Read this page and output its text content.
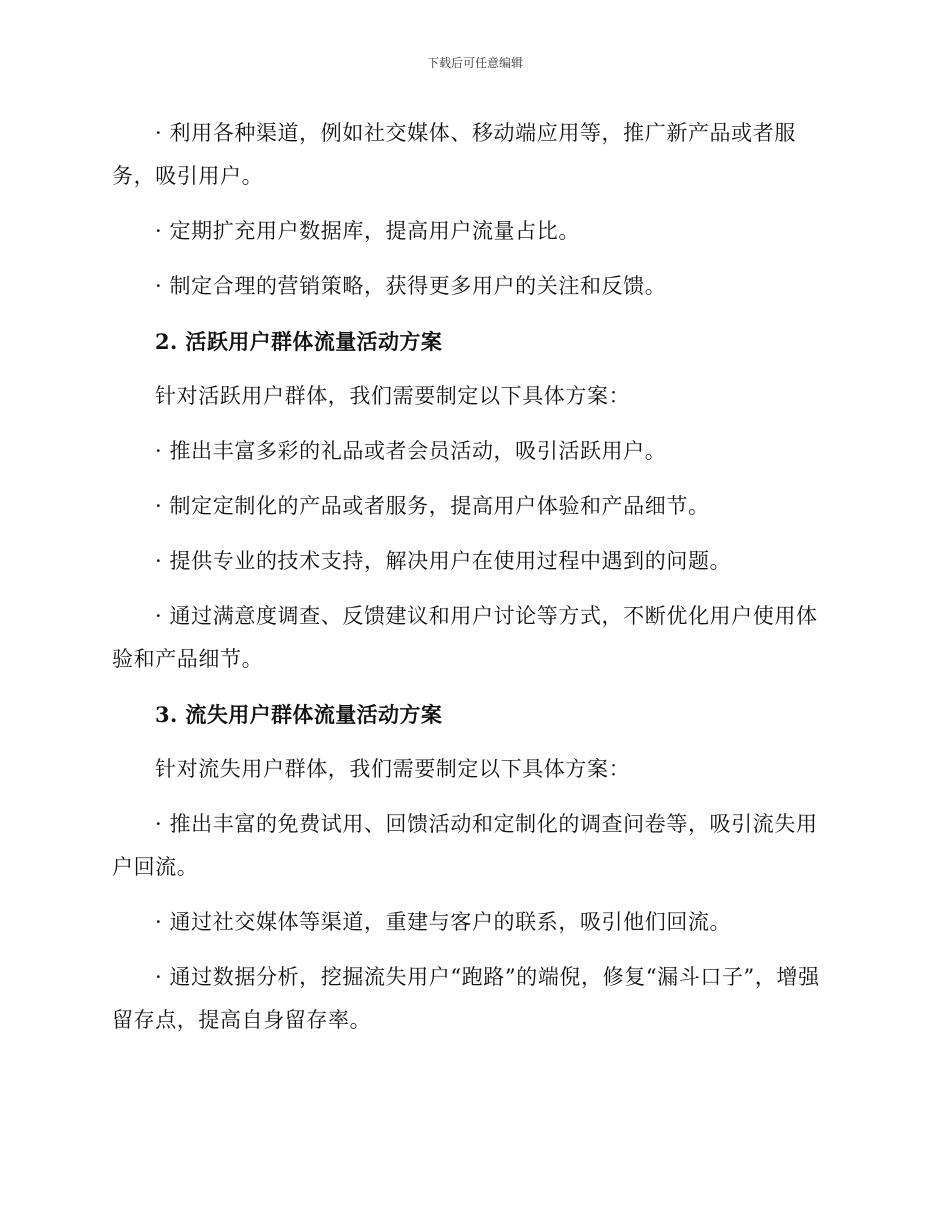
下载后可任意编辑

· 利用各种渠道，例如社交媒体、移动端应用等，推广新产品或者服务，吸引用户。

· 定期扩充用户数据库，提高用户流量占比。

· 制定合理的营销策略，获得更多用户的关注和反馈。

2. 活跃用户群体流量活动方案

针对活跃用户群体，我们需要制定以下具体方案：

· 推出丰富多彩的礼品或者会员活动，吸引活跃用户。

· 制定定制化的产品或者服务，提高用户体验和产品细节。

· 提供专业的技术支持，解决用户在使用过程中遇到的问题。

· 通过满意度调查、反馈建议和用户讨论等方式，不断优化用户使用体验和产品细节。

3. 流失用户群体流量活动方案

针对流失用户群体，我们需要制定以下具体方案：

· 推出丰富的免费试用、回馈活动和定制化的调查问卷等，吸引流失用户回流。

· 通过社交媒体等渠道，重建与客户的联系，吸引他们回流。

· 通过数据分析，挖掘流失用户“跑路”的端倪，修复“漏斗口子”，增强留存点，提高自身留存率。
